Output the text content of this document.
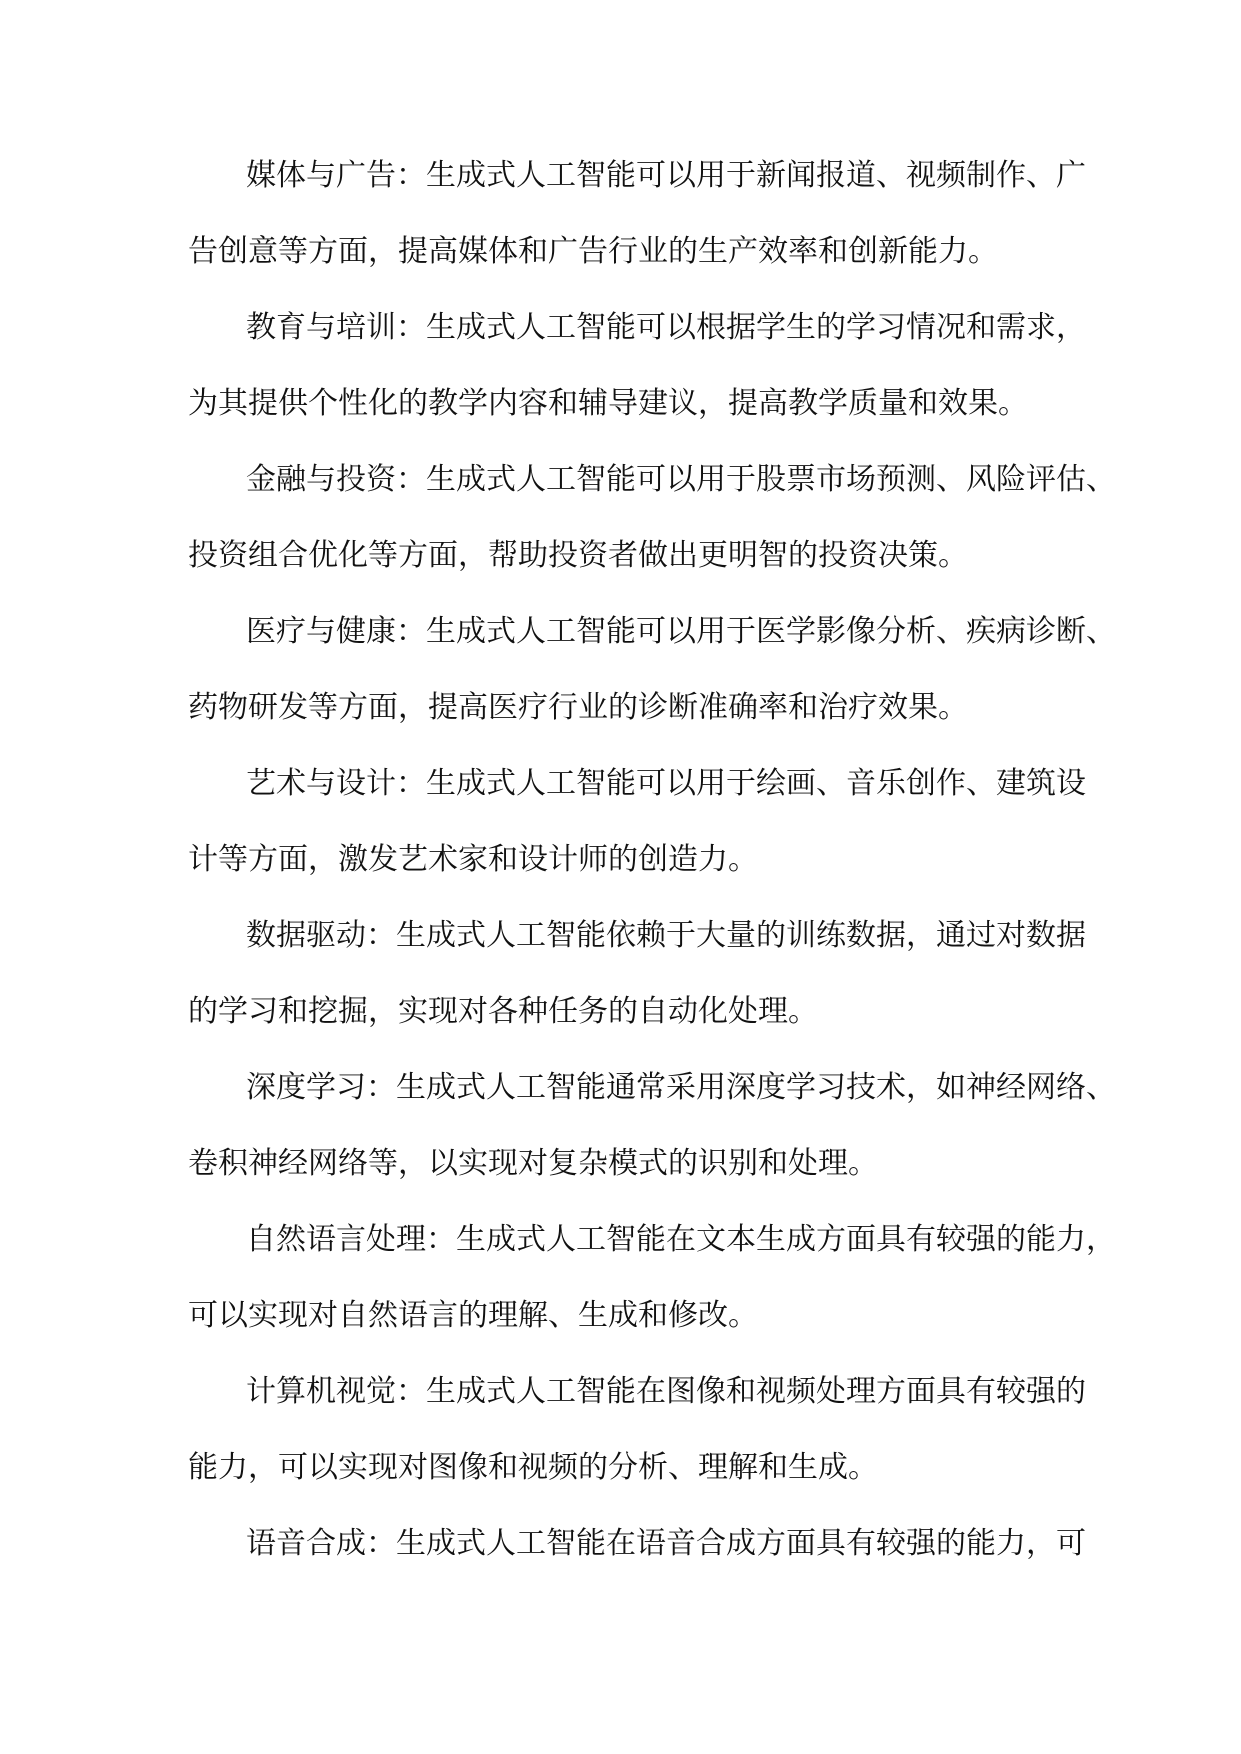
媒体与广告：生成式人工智能可以用于新闻报道、视频制作、广
告创意等方面，提高媒体和广告行业的生产效率和创新能力。

教育与培训：生成式人工智能可以根据学生的学习情况和需求，
为其提供个性化的教学内容和辅导建议，提高教学质量和效果。

金融与投资：生成式人工智能可以用于股票市场预测、风险评估、
投资组合优化等方面，帮助投资者做出更明智的投资决策。

医疗与健康：生成式人工智能可以用于医学影像分析、疾病诊断、
药物研发等方面，提高医疗行业的诊断准确率和治疗效果。

艺术与设计：生成式人工智能可以用于绘画、音乐创作、建筑设
计等方面，激发艺术家和设计师的创造力。

数据驱动：生成式人工智能依赖于大量的训练数据，通过对数据
的学习和挖掘，实现对各种任务的自动化处理。

深度学习：生成式人工智能通常采用深度学习技术，如神经网络、
卷积神经网络等，以实现对复杂模式的识别和处理。

自然语言处理：生成式人工智能在文本生成方面具有较强的能力，
可以实现对自然语言的理解、生成和修改。

计算机视觉：生成式人工智能在图像和视频处理方面具有较强的
能力，可以实现对图像和视频的分析、理解和生成。

语音合成：生成式人工智能在语音合成方面具有较强的能力，可
